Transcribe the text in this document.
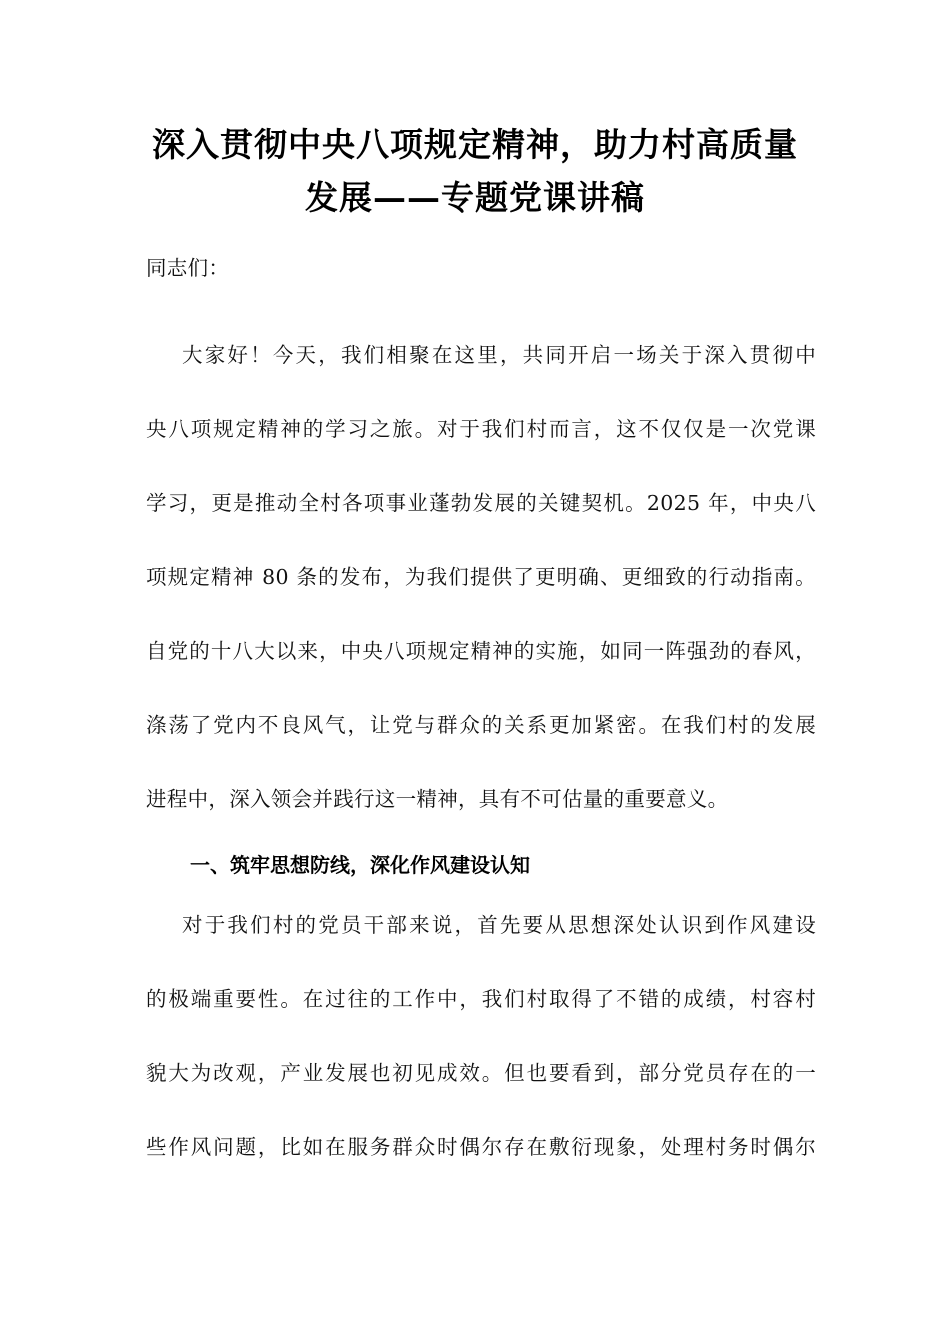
深入贯彻中央八项规定精神，助力村高质量
发展——专题党课讲稿
同志们：
大家好！今天，我们相聚在这里，共同开启一场关于深入贯彻中
央八项规定精神的学习之旅。对于我们村而言，这不仅仅是一次党课
学习，更是推动全村各项事业蓬勃发展的关键契机。2025 年，中央八
项规定精神 80 条的发布，为我们提供了更明确、更细致的行动指南。
自党的十八大以来，中央八项规定精神的实施，如同一阵强劲的春风，
涤荡了党内不良风气，让党与群众的关系更加紧密。在我们村的发展
进程中，深入领会并践行这一精神，具有不可估量的重要意义。
一、筑牢思想防线，深化作风建设认知
对于我们村的党员干部来说，首先要从思想深处认识到作风建设
的极端重要性。在过往的工作中，我们村取得了不错的成绩，村容村
貌大为改观，产业发展也初见成效。但也要看到，部分党员存在的一
些作风问题，比如在服务群众时偶尔存在敷衍现象，处理村务时偶尔
